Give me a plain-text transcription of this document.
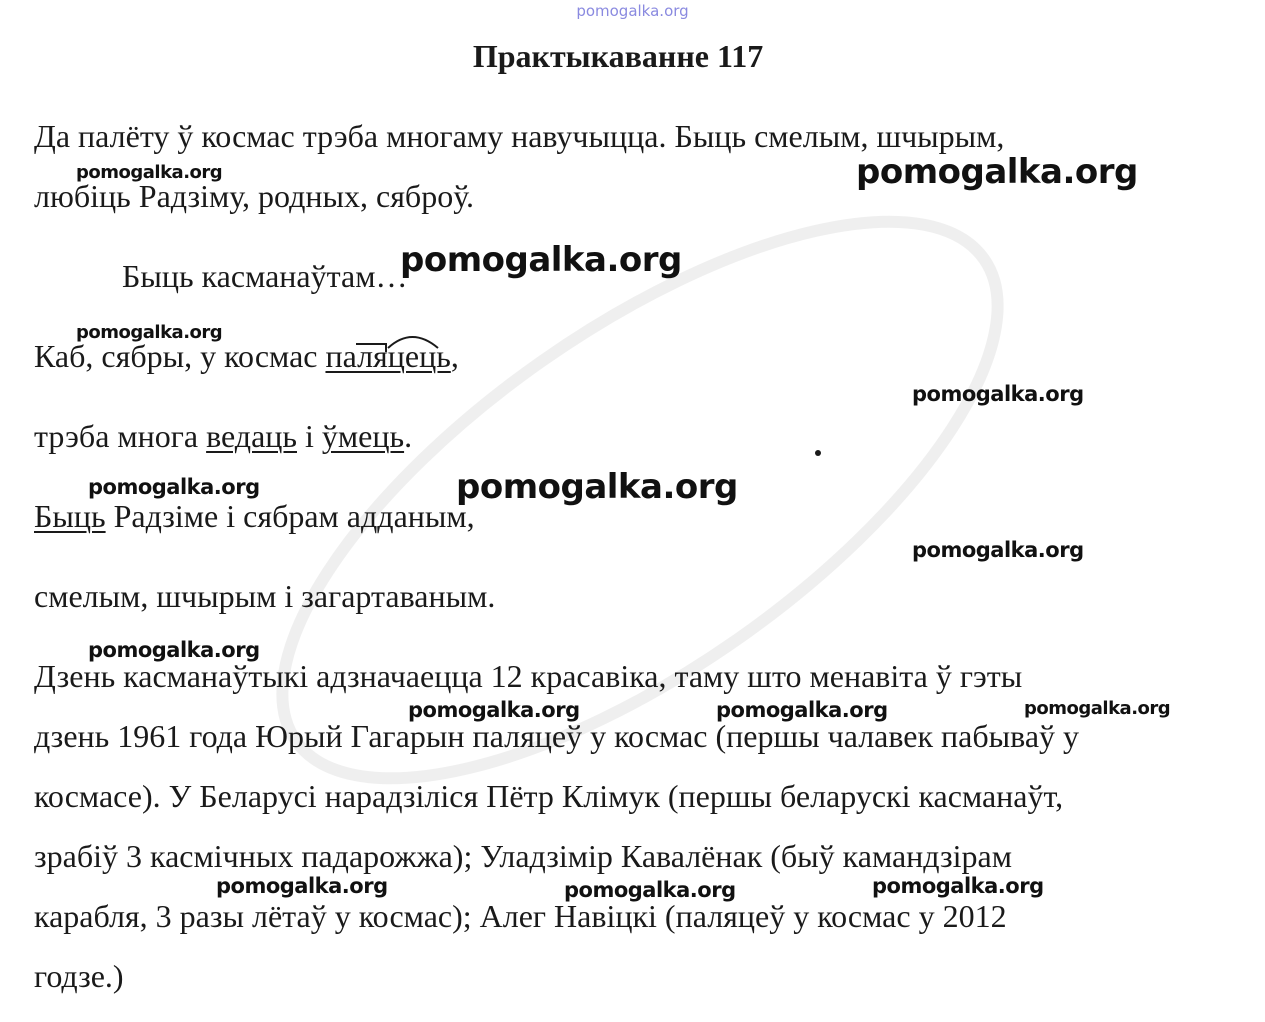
pomogalka.org
Практыкаванне 117
Да палёту ў космас трэба многаму навучыцца. Быць смелым, шчырым,
любіць Радзіму, родных, сяброў.
Быць касманаўтам…
Каб, сябры, у космас паляцець,
трэба многа ведаць і ўмець.
Быць Радзіме і сябрам адданым,
смелым, шчырым і загартаваным.
Дзень касманаўтыкі адзначаецца 12 красавіка, таму што менавіта ў гэты
дзень 1961 года Юрый Гагарын паляцеў у космас (першы чалавек пабываў у
космасе). У Беларусі нарадзіліся Пётр Клімук (першы беларускі касманаўт,
зрабіў 3 касмічных падарожжа); Уладзімір Кавалёнак (быў камандзірам
карабля, 3 разы лётаў у космас); Алег Навіцкі (паляцеў у космас у 2012
годзе.)
pomogalka.org	pomogalka.org
pomogalka.org
pomogalka.org
pomogalka.org
pomogalka.org	pomogalka.org
pomogalka.org
pomogalka.org
pomogalka.org	pomogalka.org	pomogalka.org
pomogalka.org	pomogalka.org	pomogalka.org
